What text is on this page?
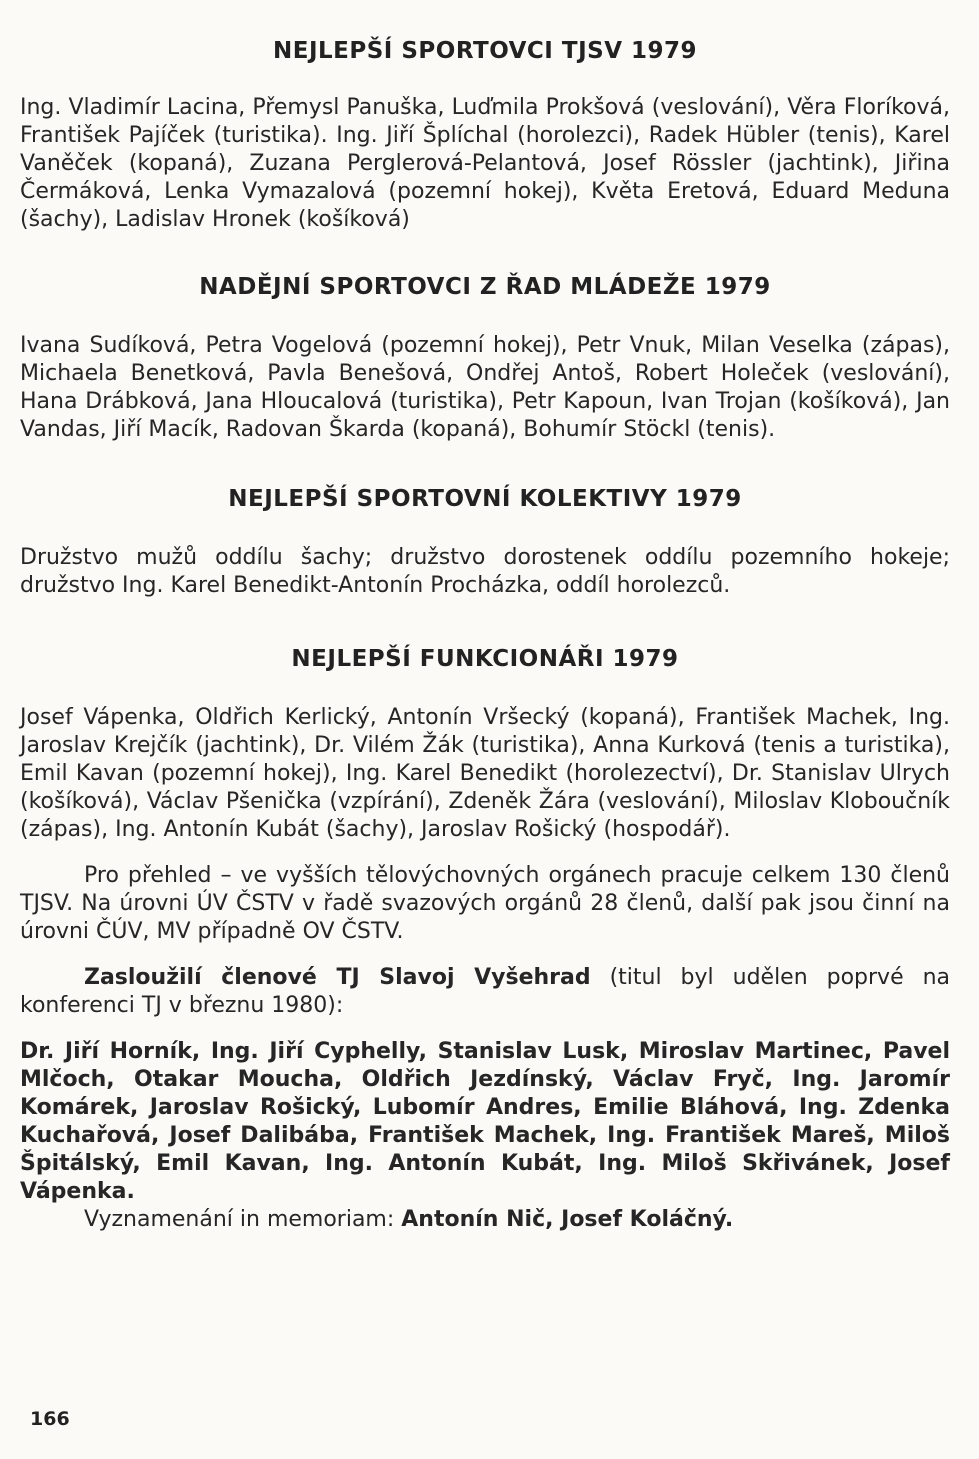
NEJLEPŠÍ SPORTOVCI TJSV 1979

Ing. Vladimír Lacina, Přemysl Panuška, Luďmila Prokšová (veslování), Věra Floríková, František Pajíček (turistika). Ing. Jiří Šplíchal (horolezci), Radek Hübler (tenis), Karel Vaněček (kopaná), Zuzana Perglerová-Pelantová, Josef Rössler (jachtink), Jiřina Čermáková, Lenka Vymazalová (pozemní hokej), Květa Eretová, Eduard Meduna (šachy), Ladislav Hronek (košíková)

NADĚJNÍ SPORTOVCI Z ŘAD MLÁDEŽE 1979

Ivana Sudíková, Petra Vogelová (pozemní hokej), Petr Vnuk, Milan Veselka (zápas), Michaela Benetková, Pavla Benešová, Ondřej Antoš, Robert Holeček (veslování), Hana Drábková, Jana Hloucalová (turistika), Petr Kapoun, Ivan Trojan (košíková), Jan Vandas, Jiří Macík, Radovan Škarda (kopaná), Bohumír Stöckl (tenis).

NEJLEPŠÍ SPORTOVNÍ KOLEKTIVY 1979

Družstvo mužů oddílu šachy; družstvo dorostenek oddílu pozemního hokeje; družstvo Ing. Karel Benedikt-Antonín Procházka, oddíl horolezců.

NEJLEPŠÍ FUNKCIONÁŘI 1979

Josef Vápenka, Oldřich Kerlický, Antonín Vršecký (kopaná), František Machek, Ing. Jaroslav Krejčík (jachtink), Dr. Vilém Žák (turistika), Anna Kurková (tenis a turistika), Emil Kavan (pozemní hokej), Ing. Karel Benedikt (horolezectví), Dr. Stanislav Ulrych (košíková), Václav Pšenička (vzpírání), Zdeněk Žára (veslování), Miloslav Kloboučník (zápas), Ing. Antonín Kubát (šachy), Jaroslav Rošický (hospodář).

Pro přehled – ve vyšších tělovýchovných orgánech pracuje celkem 130 členů TJSV. Na úrovni ÚV ČSTV v řadě svazových orgánů 28 členů, další pak jsou činní na úrovni ČÚV, MV případně OV ČSTV.

Zasloužilí členové TJ Slavoj Vyšehrad (titul byl udělen poprvé na konferenci TJ v březnu 1980):

Dr. Jiří Horník, Ing. Jiří Cyphelly, Stanislav Lusk, Miroslav Martinec, Pavel Mlčoch, Otakar Moucha, Oldřich Jezdínský, Václav Fryč, Ing. Jaromír Komárek, Jaroslav Rošický, Lubomír Andres, Emilie Bláhová, Ing. Zdenka Kuchařová, Josef Dalibába, František Machek, Ing. František Mareš, Miloš Špitálský, Emil Kavan, Ing. Antonín Kubát, Ing. Miloš Skřivánek, Josef Vápenka.

Vyznamenání in memoriam: Antonín Nič, Josef Koláčný.

166
